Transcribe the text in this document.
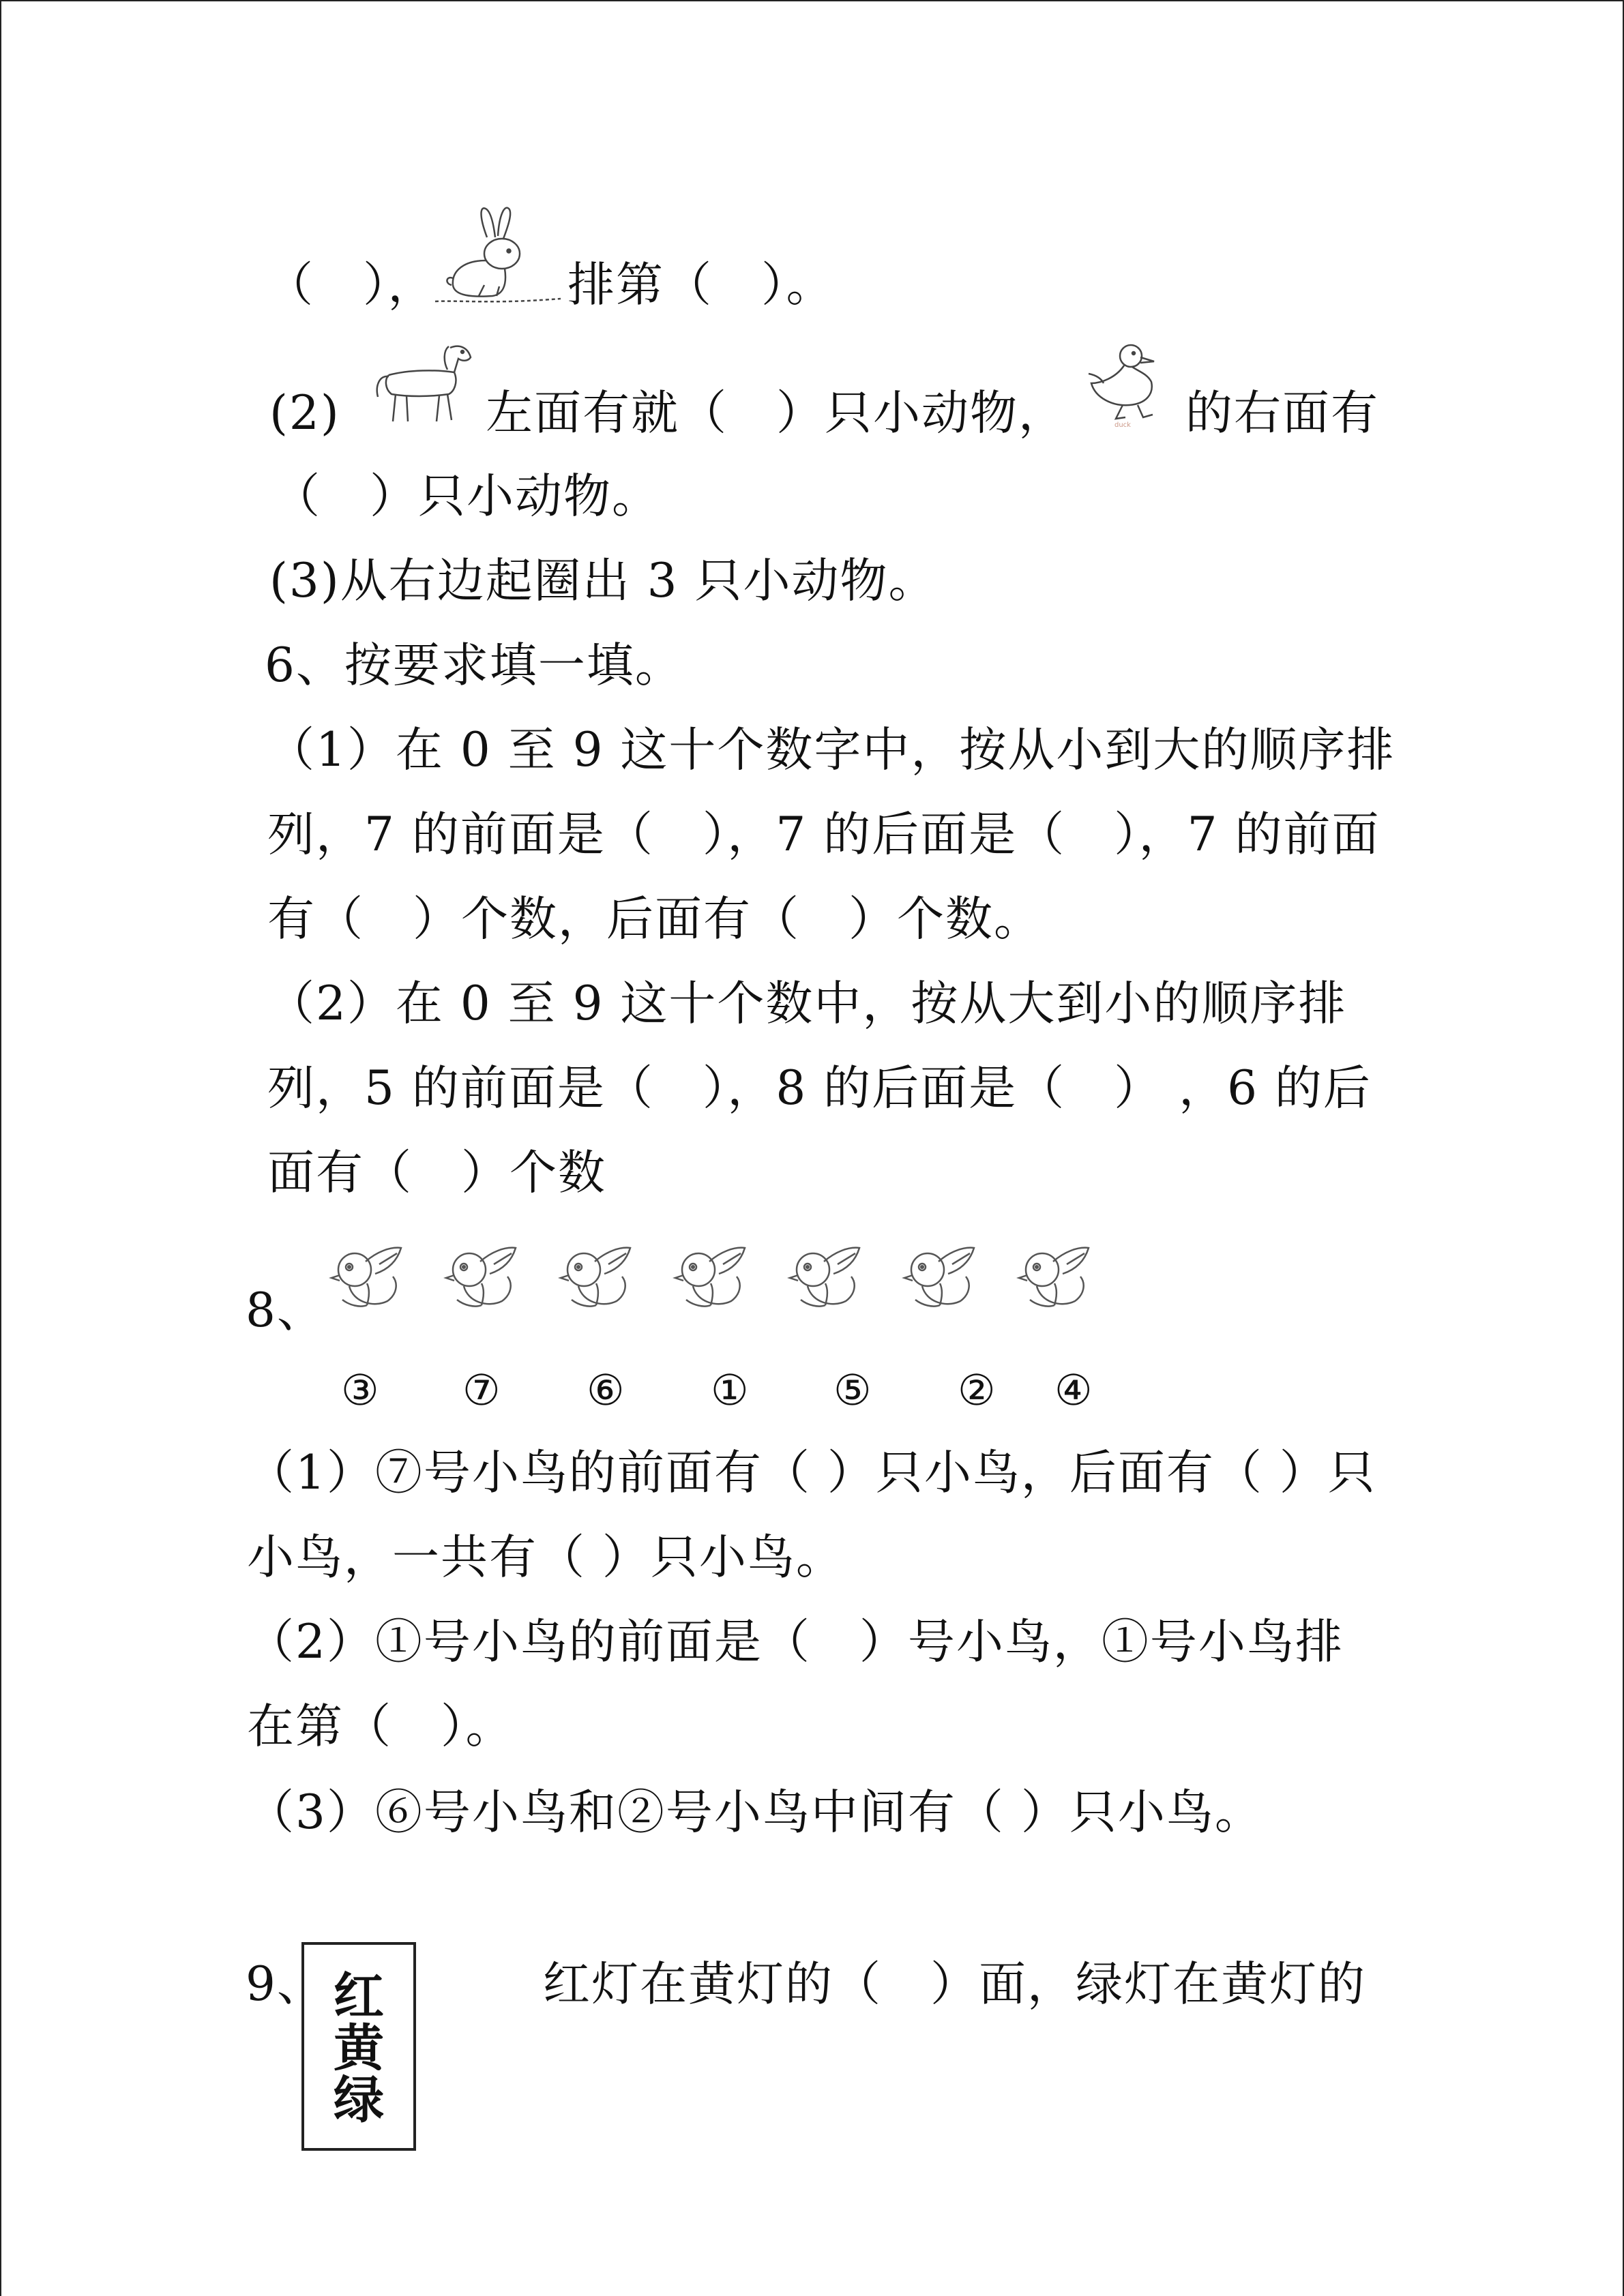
（　），	排第（　）。
(2)	左面有就（　）只小动物，	duck 的右面有
（　）只小动物。
(3)从右边起圈出 3 只小动物。
6、按要求填一填。
（1）在 0 至 9 这十个数字中，按从小到大的顺序排
列，7 的前面是（　），7 的后面是（　），7 的前面
有（　）个数，后面有（　）个数。
（2）在 0 至 9 这十个数中，按从大到小的顺序排
列，5 的前面是（　），8 的后面是（　） ，6 的后
面有（　）个数
8、
③ ⑦ ⑥ ① ⑤ ② ④
（1）⑦号小鸟的前面有（ ）只小鸟，后面有（ ）只
小鸟，一共有（ ）只小鸟。
（2）①号小鸟的前面是（　）号小鸟，①号小鸟排
在第（　）。
（3）⑥号小鸟和②号小鸟中间有（ ）只小鸟。
9、 红
黄
绿
红灯在黄灯的（　）面，绿灯在黄灯的
